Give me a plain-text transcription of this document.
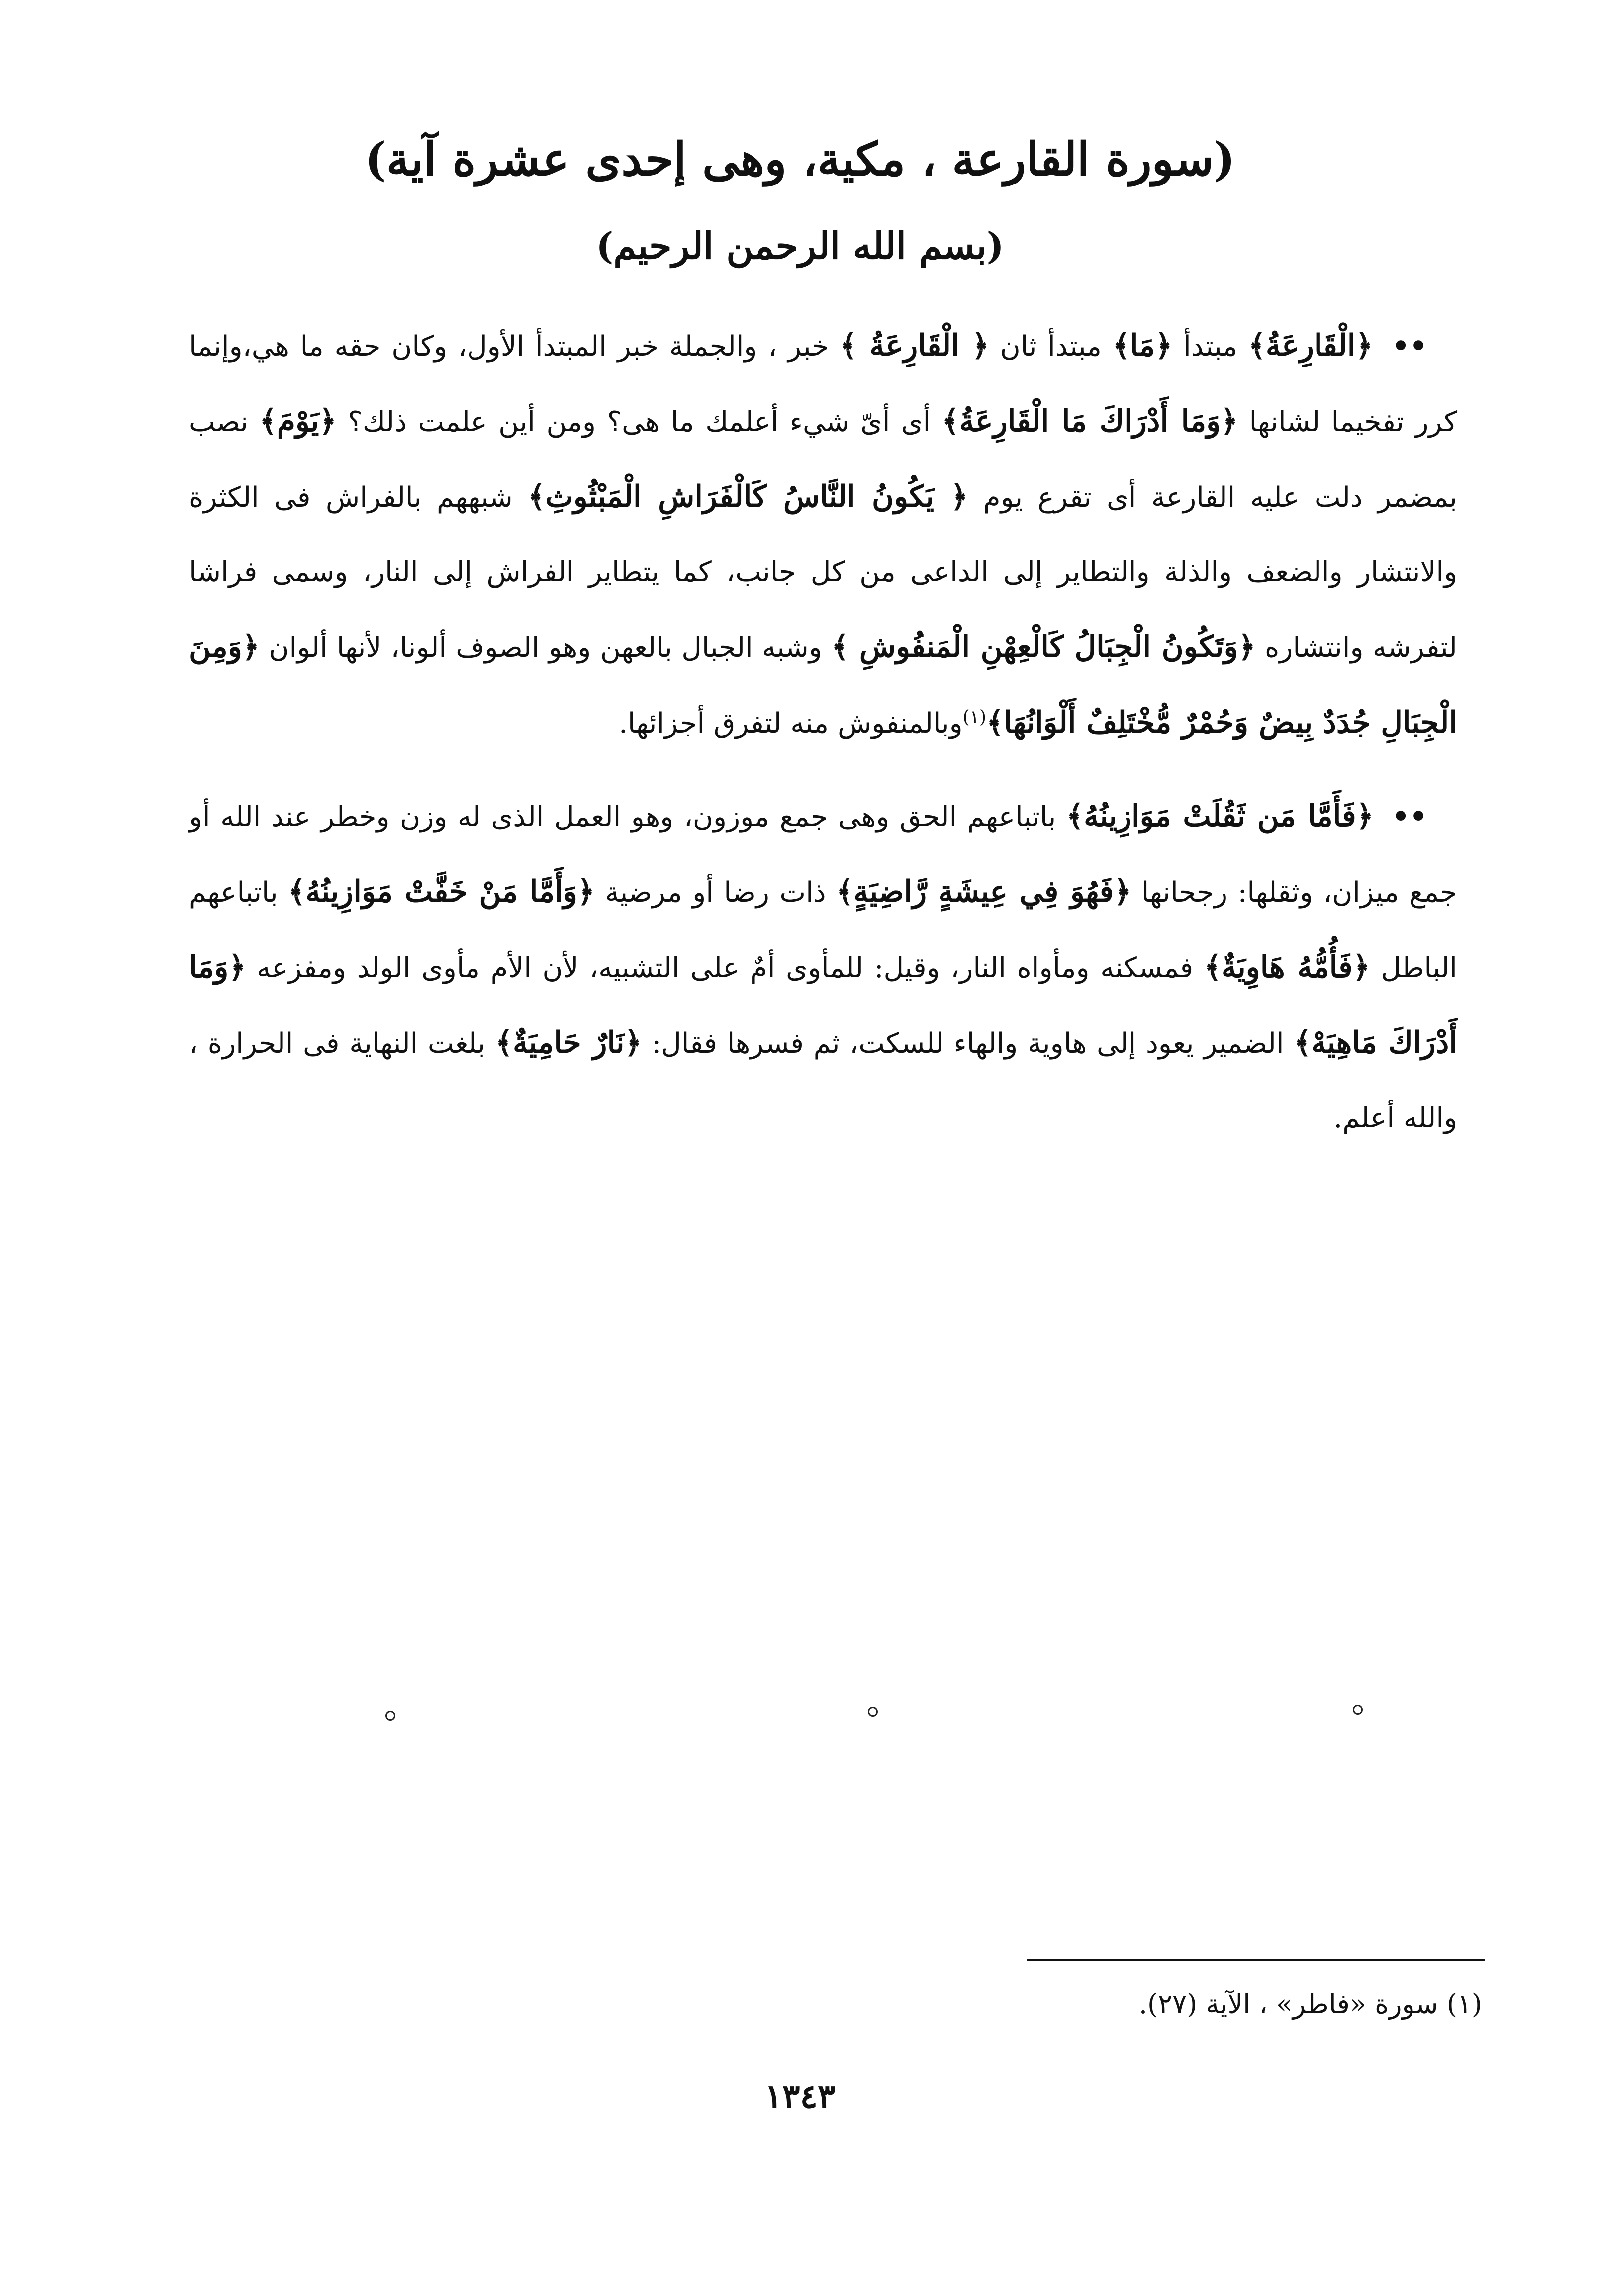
(سورة القارعة ، مكية، وهى إحدى عشرة آية)
(بسم الله الرحمن الرحيم)

•• ﴿الْقَارِعَةُ﴾ مبتدأ ﴿مَا﴾ مبتدأ ثان ﴿ الْقَارِعَةُ ﴾ خبر ، والجملة خبر المبتدأ الأول، وكان حقه ما هي،وإنما كرر تفخيما لشانها ﴿وَمَا أَدْرَاكَ مَا الْقَارِعَةُ﴾ أى أىّ شيء أعلمك ما هى؟ ومن أين علمت ذلك؟ ﴿يَوْمَ﴾ نصب بمضمر دلت عليه القارعة أى تقرع يوم ﴿ يَكُونُ النَّاسُ كَالْفَرَاشِ الْمَبْثُوثِ﴾ شبههم بالفراش فى الكثرة والانتشار والضعف والذلة والتطاير إلى الداعى من كل جانب، كما يتطاير الفراش إلى النار، وسمى فراشا لتفرشه وانتشاره ﴿وَتَكُونُ الْجِبَالُ كَالْعِهْنِ الْمَنفُوشِ ﴾ وشبه الجبال بالعهن وهو الصوف ألونا، لأنها ألوان ﴿وَمِنَ الْجِبَالِ جُدَدٌ بِيضٌ وَحُمْرٌ مُّخْتَلِفٌ أَلْوَانُهَا﴾$^{(١)}$وبالمنفوش منه لتفرق أجزائها.

•• ﴿فَأَمَّا مَن ثَقُلَتْ مَوَازِينُهُ﴾ باتباعهم الحق وهى جمع موزون، وهو العمل الذى له وزن وخطر عند الله أو جمع ميزان، وثقلها: رجحانها ﴿فَهُوَ فِي عِيشَةٍ رَّاضِيَةٍ﴾ ذات رضا أو مرضية ﴿وَأَمَّا مَنْ خَفَّتْ مَوَازِينُهُ﴾ باتباعهم الباطل ﴿فَأُمُّهُ هَاوِيَةٌ﴾ فمسكنه ومأواه النار، وقيل: للمأوى أمٌ على التشبيه، لأن الأم مأوى الولد ومفزعه ﴿وَمَا أَدْرَاكَ مَاهِيَهْ﴾ الضمير يعود إلى هاوية والهاء للسكت، ثم فسرها فقال: ﴿نَارٌ حَامِيَةٌ﴾ بلغت النهاية فى الحرارة ، والله أعلم.

(١) سورة «فاطر» ، الآية (٢٧).
١٣٤٣
